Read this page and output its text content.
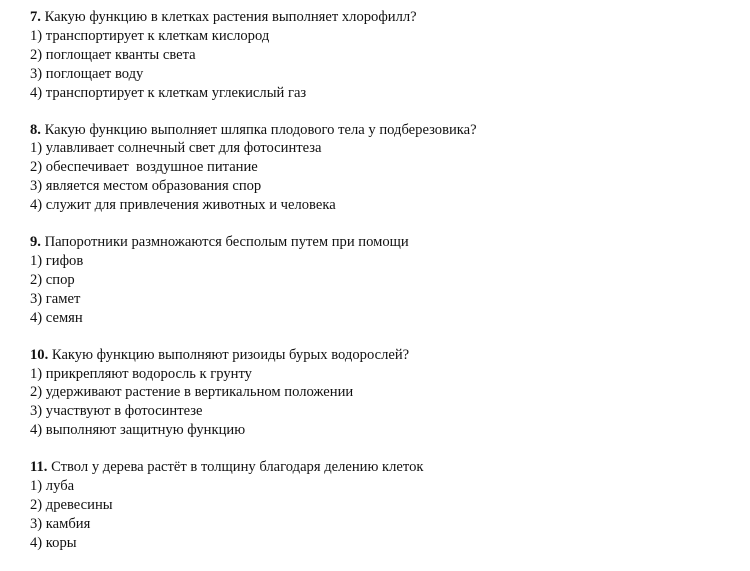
7. Какую функцию в клетках растения выполняет хлорофилл?

1) транспортирует к клеткам кислород

2) поглощает кванты света

3) поглощает воду

4) транспортирует к клеткам углекислый газ

8. Какую функцию выполняет шляпка плодового тела у подберезовика?

1) улавливает солнечный свет для фотосинтеза

2) обеспечивает  воздушное питание

3) является местом образования спор

4) служит для привлечения животных и человека

9. Папоротники размножаются бесполым путем при помощи

1) гифов

2) спор

3) гамет

4) семян

10. Какую функцию выполняют ризоиды бурых водорослей?

1) прикрепляют водоросль к грунту

2) удерживают растение в вертикальном положении

3) участвуют в фотосинтезе

4) выполняют защитную функцию

11. Ствол у дерева растёт в толщину благодаря делению клеток

1) луба

2) древесины

3) камбия

4) коры
